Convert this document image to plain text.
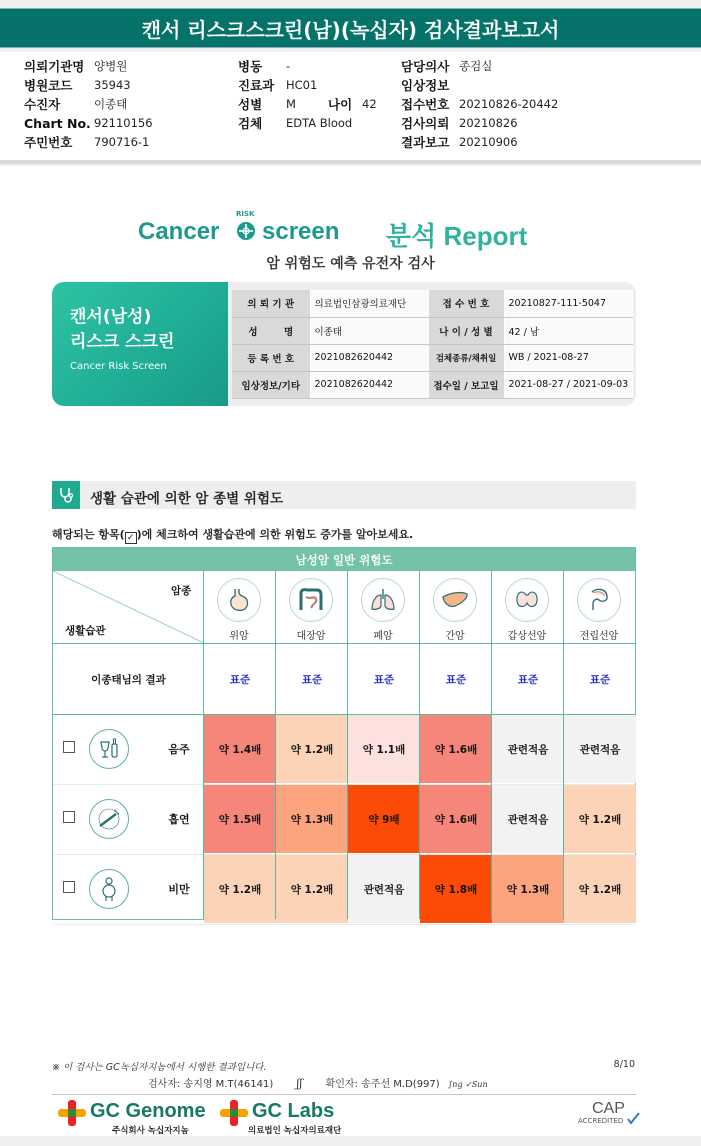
캔서 리스크스크린(남)(녹십자) 검사결과보고서
의뢰기관명 양병원
병원코드	35943
수진자	이종태
Chart No. 92110156
주민번호	790716-1
병동	-
진료과	HC01
성별	M	나이 42
검체	EDTA Blood
담당의사 종검실
임상정보
접수번호 20210826-20442
검사의뢰 20210826
결과보고 20210906
Cancer
RISK
screen 분석 Report
암 위험도 예측 유전자 검사
캔서(남성)
리스크 스크린
Cancer Risk Screen
의 뢰 기 관	의료법인삼광의료재단	접 수 번 호	20210827-111-5047
성        명	이종태	나 이 / 성 별	42 / 남
등 록 번 호	2021082620442	검체종류/채취일	WB / 2021-08-27
임상정보/기타	2021082620442	접수일 / 보고일	2021-08-27 / 2021-09-03
생활 습관에 의한 암 종별 위험도
해당되는 항목( ✓ )에 체크하여 생활습관에 의한 위험도 증가를 알아보세요.
남성암 일반 위험도
암종
생활습관	위암	대장암	폐암	간암	갑상선암	전립선암
이종태님의 결과	표준	표준	표준	표준	표준	표준
음주	약 1.4배	약 1.2배	약 1.1배	약 1.6배	관련적음	관련적음
흡연	약 1.5배	약 1.3배	약 9배	약 1.6배	관련적음	약 1.2배
비만	약 1.2배	약 1.2배	관련적음	약 1.8배	약 1.3배	약 1.2배
※ 이 검사는 GC녹십자지놈에서 시행한 결과입니다.	8/10
검사자: 송지영 M.T(46141) ʃʃ 확인자: 송주선 M.D(997) ∫ng ✓Sun
GC Genome
주식회사 녹십자지놈
GC Labs
의료법인 녹십자의료재단
CAP
ACCREDITED
